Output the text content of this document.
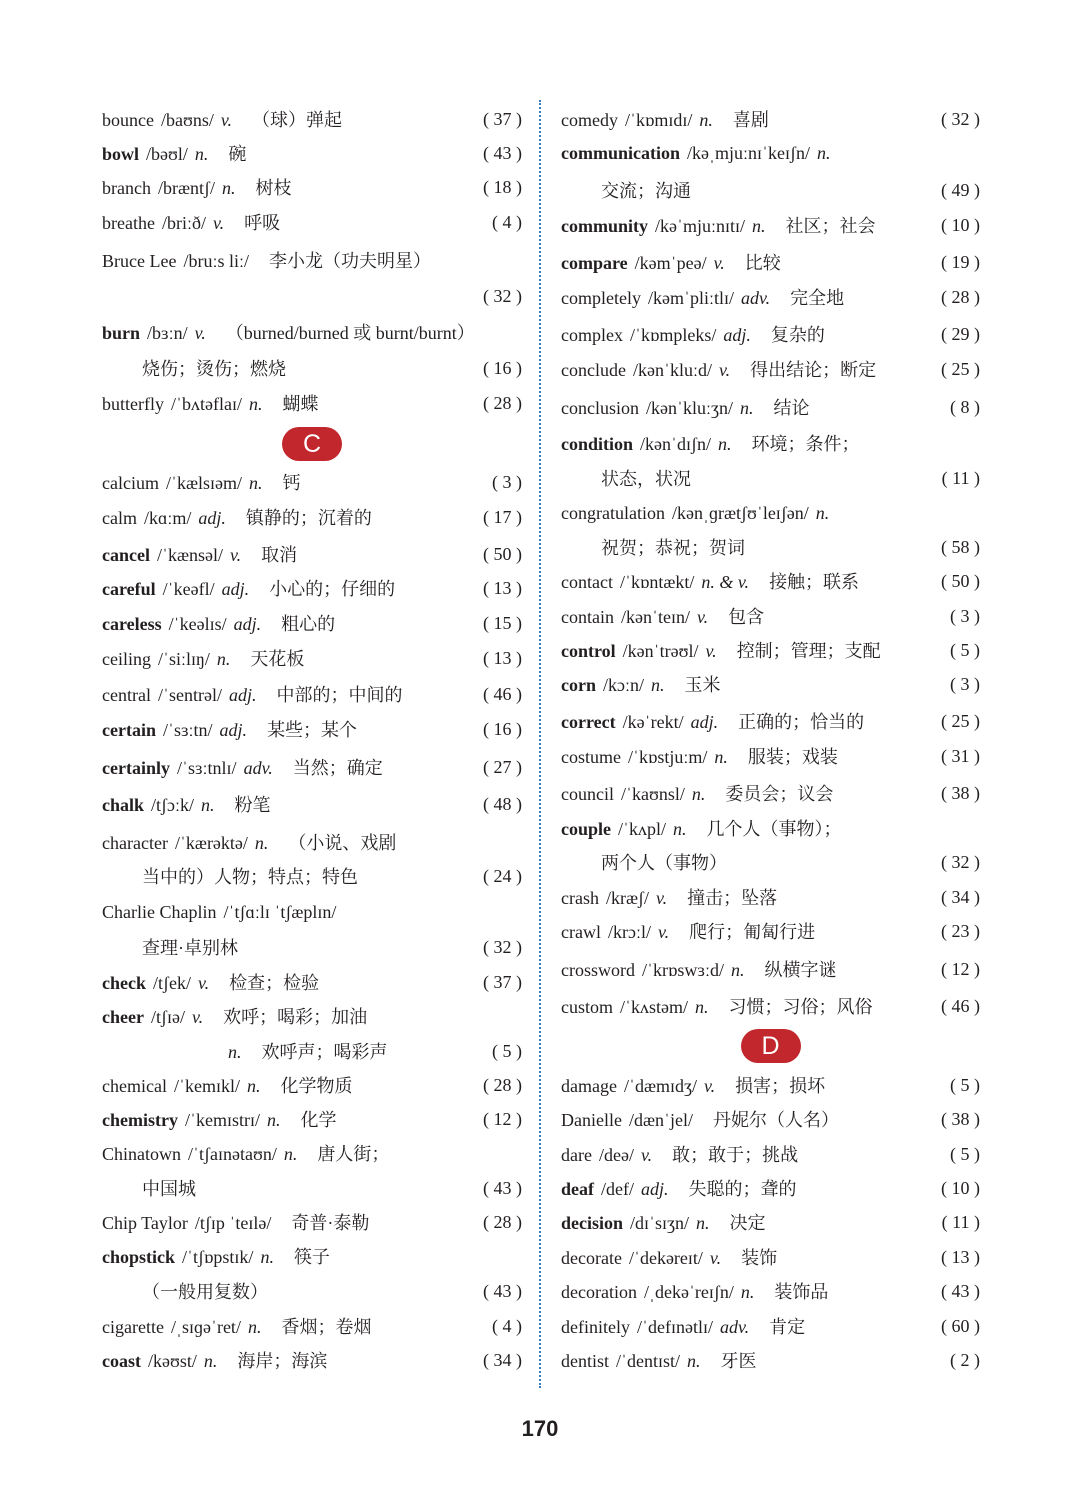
170
bounce /baʊns/ v. （球）弹起	( 37 )
bowl /bəʊl/ n. 碗	( 43 )
branch /bræntʃ/ n. 树枝	( 18 )
breathe /briːð/ v. 呼吸	( 4 )
Bruce Lee /bruːs liː/ 李小龙（功夫明星）
( 32 )
burn /bɜːn/ v. （burned/burned 或 burnt/burnt）
烧伤；烫伤；燃烧	( 16 )
butterfly /ˈbʌtəflaɪ/ n. 蝴蝶	( 28 )
C
calcium /ˈkælsɪəm/ n. 钙	( 3 )
calm /kɑːm/ adj. 镇静的；沉着的	( 17 )
cancel /ˈkænsəl/ v. 取消	( 50 )
careful /ˈkeəfl/ adj. 小心的；仔细的	( 13 )
careless /ˈkeəlɪs/ adj. 粗心的	( 15 )
ceiling /ˈsiːlɪŋ/ n. 天花板	( 13 )
central /ˈsentrəl/ adj. 中部的；中间的	( 46 )
certain /ˈsɜːtn/ adj. 某些；某个	( 16 )
certainly /ˈsɜːtnlɪ/ adv. 当然；确定	( 27 )
chalk /tʃɔːk/ n. 粉笔	( 48 )
character /ˈkærəktə/ n. （小说、戏剧
当中的）人物；特点；特色	( 24 )
Charlie Chaplin /ˈtʃɑːlɪ ˈtʃæplɪn/
查理·卓别林	( 32 )
check /tʃek/ v. 检查；检验	( 37 )
cheer /tʃɪə/ v. 欢呼；喝彩；加油
n. 欢呼声；喝彩声	( 5 )
chemical /ˈkemɪkl/ n. 化学物质	( 28 )
chemistry /ˈkemɪstrɪ/ n. 化学	( 12 )
Chinatown /ˈtʃaɪnətaʊn/ n. 唐人街；
中国城	( 43 )
Chip Taylor /tʃɪp ˈteɪlə/ 奇普·泰勒	( 28 )
chopstick /ˈtʃɒpstɪk/ n. 筷子
（一般用复数）	( 43 )
cigarette /ˌsɪɡəˈret/ n. 香烟；卷烟	( 4 )
coast /kəʊst/ n. 海岸；海滨	( 34 )
comedy /ˈkɒmɪdɪ/ n. 喜剧	( 32 )
communication /kəˌmjuːnɪˈkeɪʃn/ n.
交流；沟通	( 49 )
community /kəˈmjuːnɪtɪ/ n. 社区；社会	( 10 )
compare /kəmˈpeə/ v. 比较	( 19 )
completely /kəmˈpliːtlɪ/ adv. 完全地	( 28 )
complex /ˈkɒmpleks/ adj. 复杂的	( 29 )
conclude /kənˈkluːd/ v. 得出结论；断定	( 25 )
conclusion /kənˈkluːʒn/ n. 结论	( 8 )
condition /kənˈdɪʃn/ n. 环境；条件；
状态，状况	( 11 )
congratulation /kənˌɡrætʃʊˈleɪʃən/ n.
祝贺；恭祝；贺词	( 58 )
contact /ˈkɒntækt/ n. & v. 接触；联系	( 50 )
contain /kənˈteɪn/ v. 包含	( 3 )
control /kənˈtrəʊl/ v. 控制；管理；支配	( 5 )
corn /kɔːn/ n. 玉米	( 3 )
correct /kəˈrekt/ adj. 正确的；恰当的	( 25 )
costume /ˈkɒstjuːm/ n. 服装；戏装	( 31 )
council /ˈkaʊnsl/ n. 委员会；议会	( 38 )
couple /ˈkʌpl/ n. 几个人（事物）；
两个人（事物）	( 32 )
crash /kræʃ/ v. 撞击；坠落	( 34 )
crawl /krɔːl/ v. 爬行；匍匐行进	( 23 )
crossword /ˈkrɒswɜːd/ n. 纵横字谜	( 12 )
custom /ˈkʌstəm/ n. 习惯；习俗；风俗	( 46 )
D
damage /ˈdæmɪdʒ/ v. 损害；损坏	( 5 )
Danielle /dænˈjel/ 丹妮尔（人名）	( 38 )
dare /deə/ v. 敢；敢于；挑战	( 5 )
deaf /def/ adj. 失聪的；聋的	( 10 )
decision /dɪˈsɪʒn/ n. 决定	( 11 )
decorate /ˈdekəreɪt/ v. 装饰	( 13 )
decoration /ˌdekəˈreɪʃn/ n. 装饰品	( 43 )
definitely /ˈdefɪnətlɪ/ adv. 肯定	( 60 )
dentist /ˈdentɪst/ n. 牙医	( 2 )
